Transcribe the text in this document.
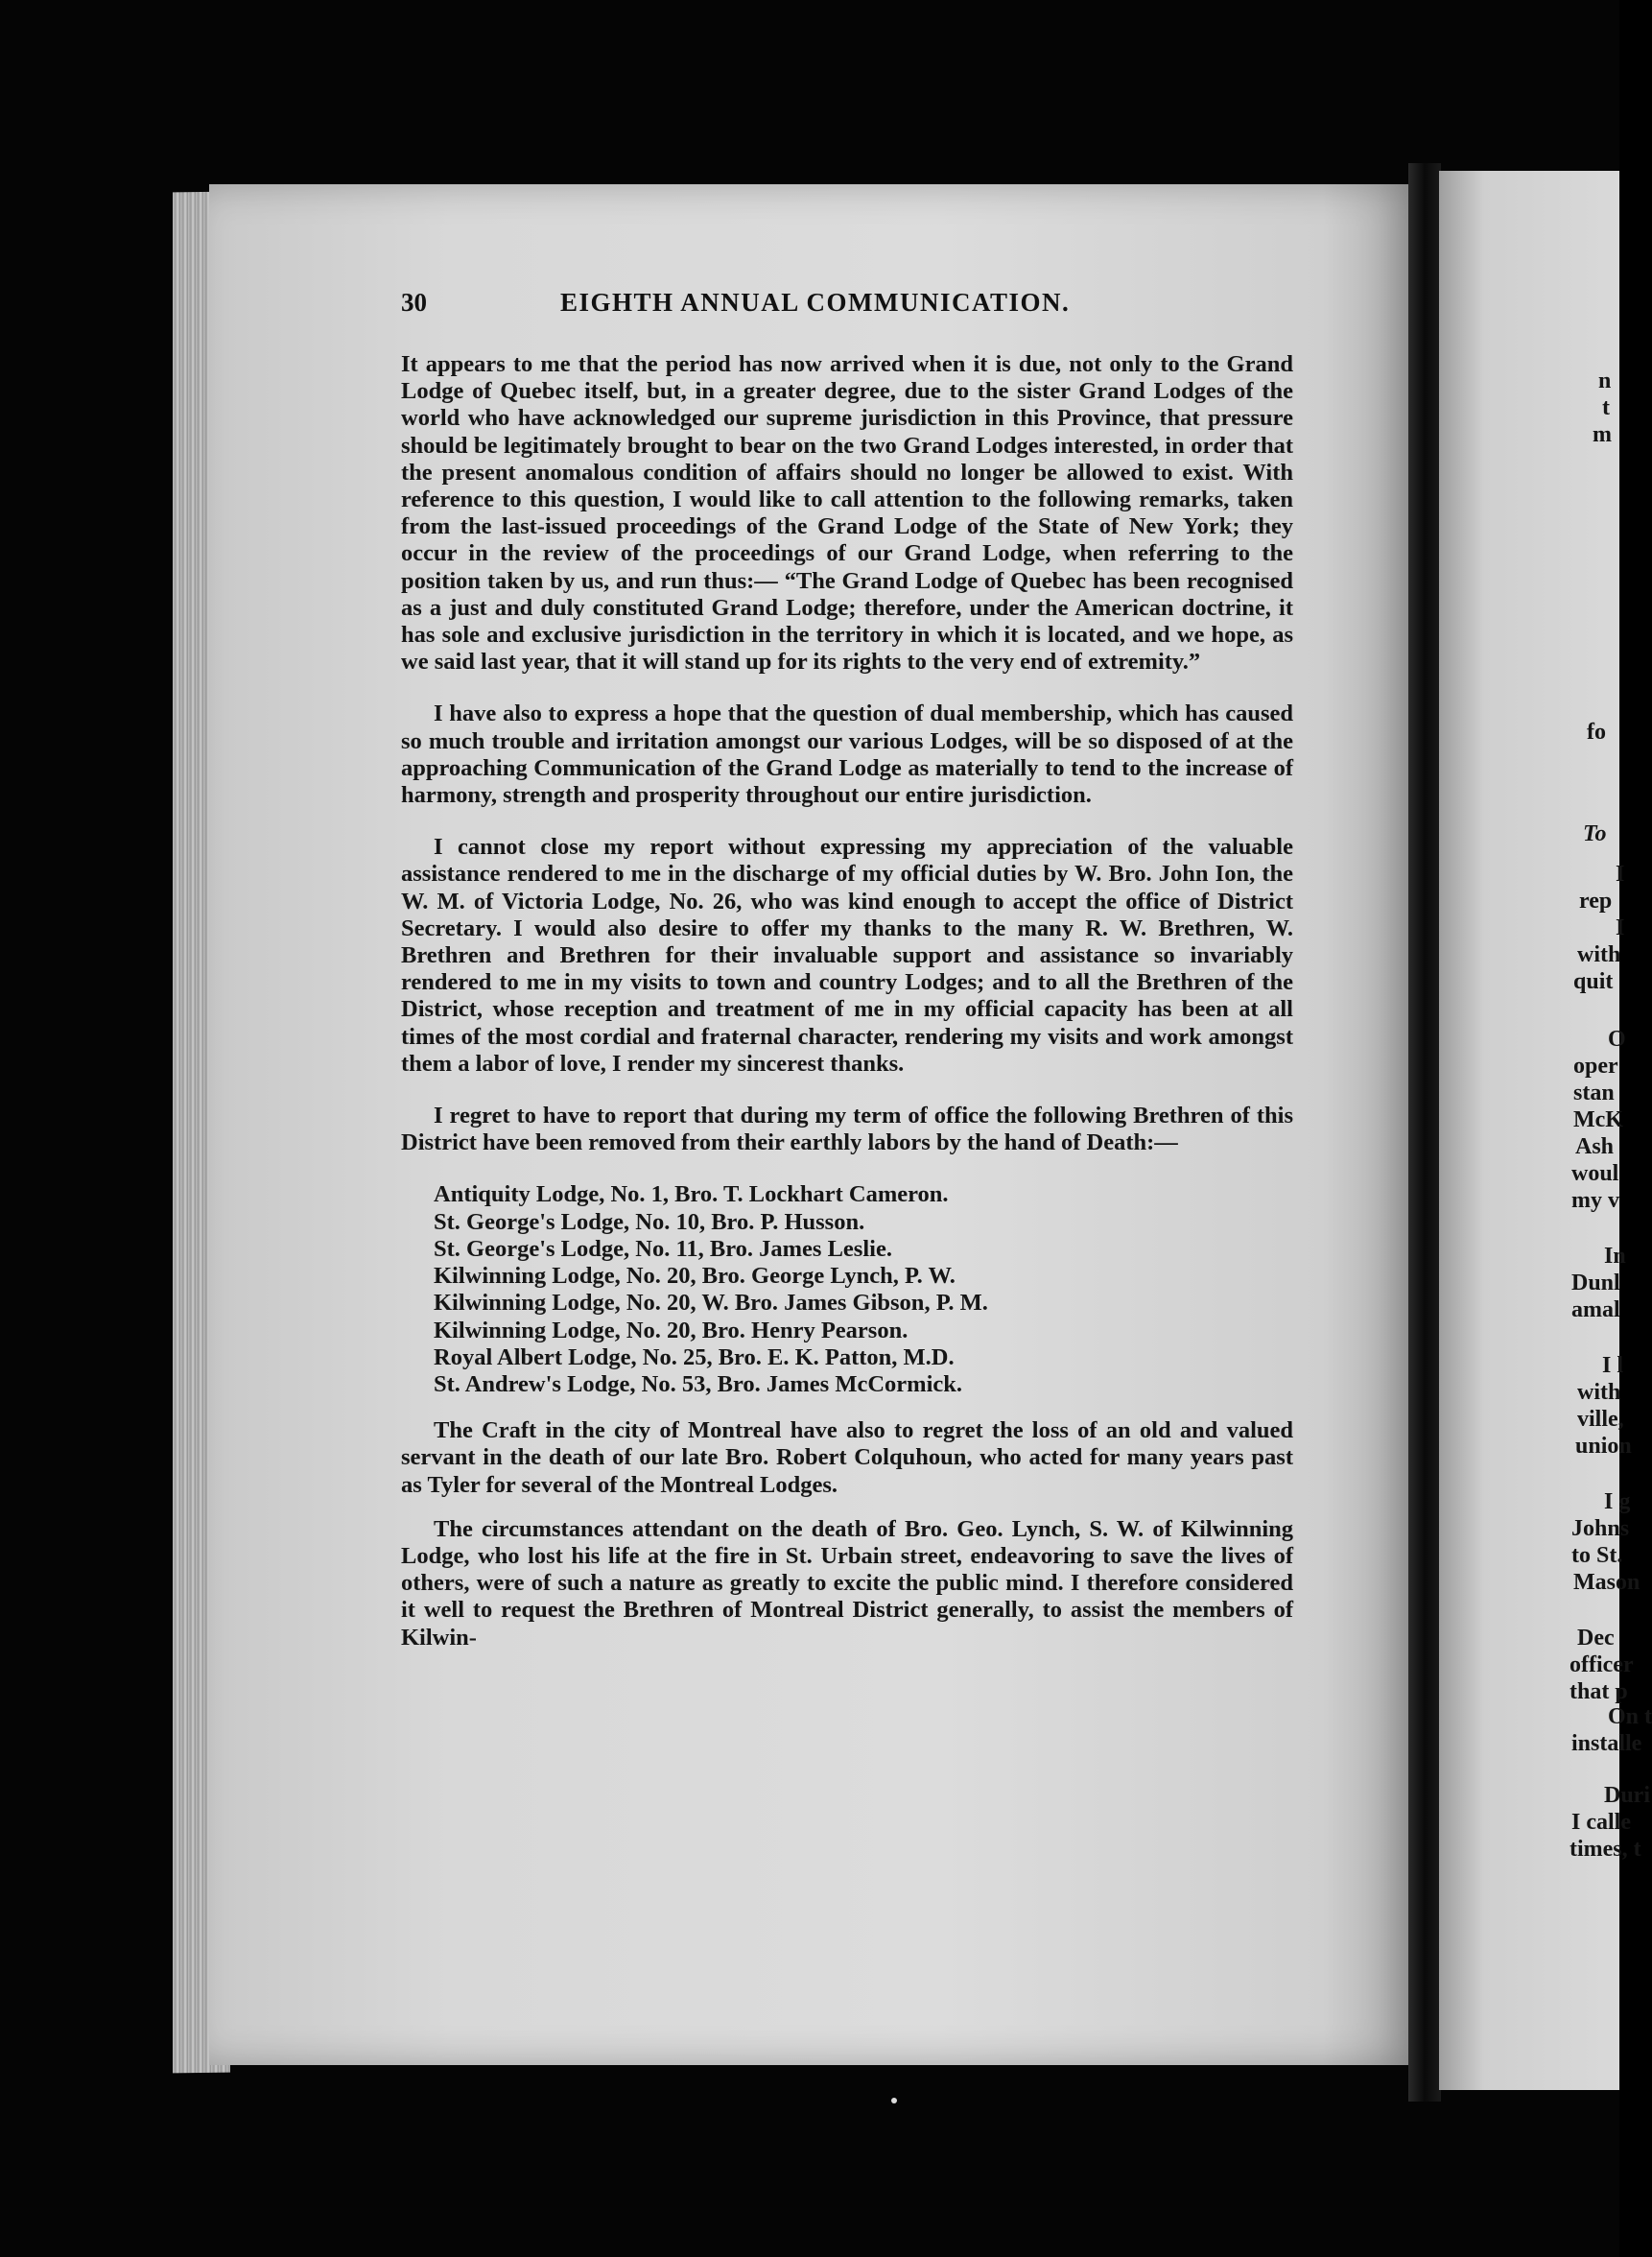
30	EIGHTH ANNUAL COMMUNICATION.

It appears to me that the period has now arrived when it is due, not only to the Grand Lodge of Quebec itself, but, in a greater degree, due to the sister Grand Lodges of the world who have acknowledged our supreme jurisdiction in this Province, that pressure should be legitimately brought to bear on the two Grand Lodges interested, in order that the present anomalous condition of affairs should no longer be allowed to exist. With reference to this question, I would like to call attention to the following remarks, taken from the last-issued proceedings of the Grand Lodge of the State of New York; they occur in the review of the proceedings of our Grand Lodge, when referring to the position taken by us, and run thus:— “The Grand Lodge of Quebec has been recognised as a just and duly constituted Grand Lodge; therefore, under the American doctrine, it has sole and exclusive jurisdiction in the territory in which it is located, and we hope, as we said last year, that it will stand up for its rights to the very end of extremity.”

I have also to express a hope that the question of dual membership, which has caused so much trouble and irritation amongst our various Lodges, will be so disposed of at the approaching Communication of the Grand Lodge as materially to tend to the increase of harmony, strength and prosperity throughout our entire jurisdiction.

I cannot close my report without expressing my appreciation of the valuable assistance rendered to me in the discharge of my official duties by W. Bro. John Ion, the W. M. of Victoria Lodge, No. 26, who was kind enough to accept the office of District Secretary. I would also desire to offer my thanks to the many R. W. Brethren, W. Brethren and Brethren for their invaluable support and assistance so invariably rendered to me in my visits to town and country Lodges; and to all the Brethren of the District, whose reception and treatment of me in my official capacity has been at all times of the most cordial and fraternal character, rendering my visits and work amongst them a labor of love, I render my sincerest thanks.

I regret to have to report that during my term of office the following Brethren of this District have been removed from their earthly labors by the hand of Death:—

Antiquity Lodge, No. 1, Bro. T. Lockhart Cameron.
St. George's Lodge, No. 10, Bro. P. Husson.
St. George's Lodge, No. 11, Bro. James Leslie.
Kilwinning Lodge, No. 20, Bro. George Lynch, P. W.
Kilwinning Lodge, No. 20, W. Bro. James Gibson, P. M.
Kilwinning Lodge, No. 20, Bro. Henry Pearson.
Royal Albert Lodge, No. 25, Bro. E. K. Patton, M.D.
St. Andrew's Lodge, No. 53, Bro. James McCormick.

The Craft in the city of Montreal have also to regret the loss of an old and valued servant in the death of our late Bro. Robert Colquhoun, who acted for many years past as Tyler for several of the Montreal Lodges.

The circumstances attendant on the death of Bro. Geo. Lynch, S. W. of Kilwinning Lodge, who lost his life at the fire in St. Urbain street, endeavoring to save the lives of others, were of such a nature as greatly to excite the public mind. I therefore considered it well to request the Brethren of Montreal District generally, to assist the members of Kilwin-

n
t
m
fo
To
I
rep
I
with
quit
O
oper
stan
McK
Ash
woul
my v
In
Dunl
amal
I l
with
ville,
union
I g
Johns
to St.
Mason
Dec
officer
that p
On t
installe
Duri
I calle
times, t
